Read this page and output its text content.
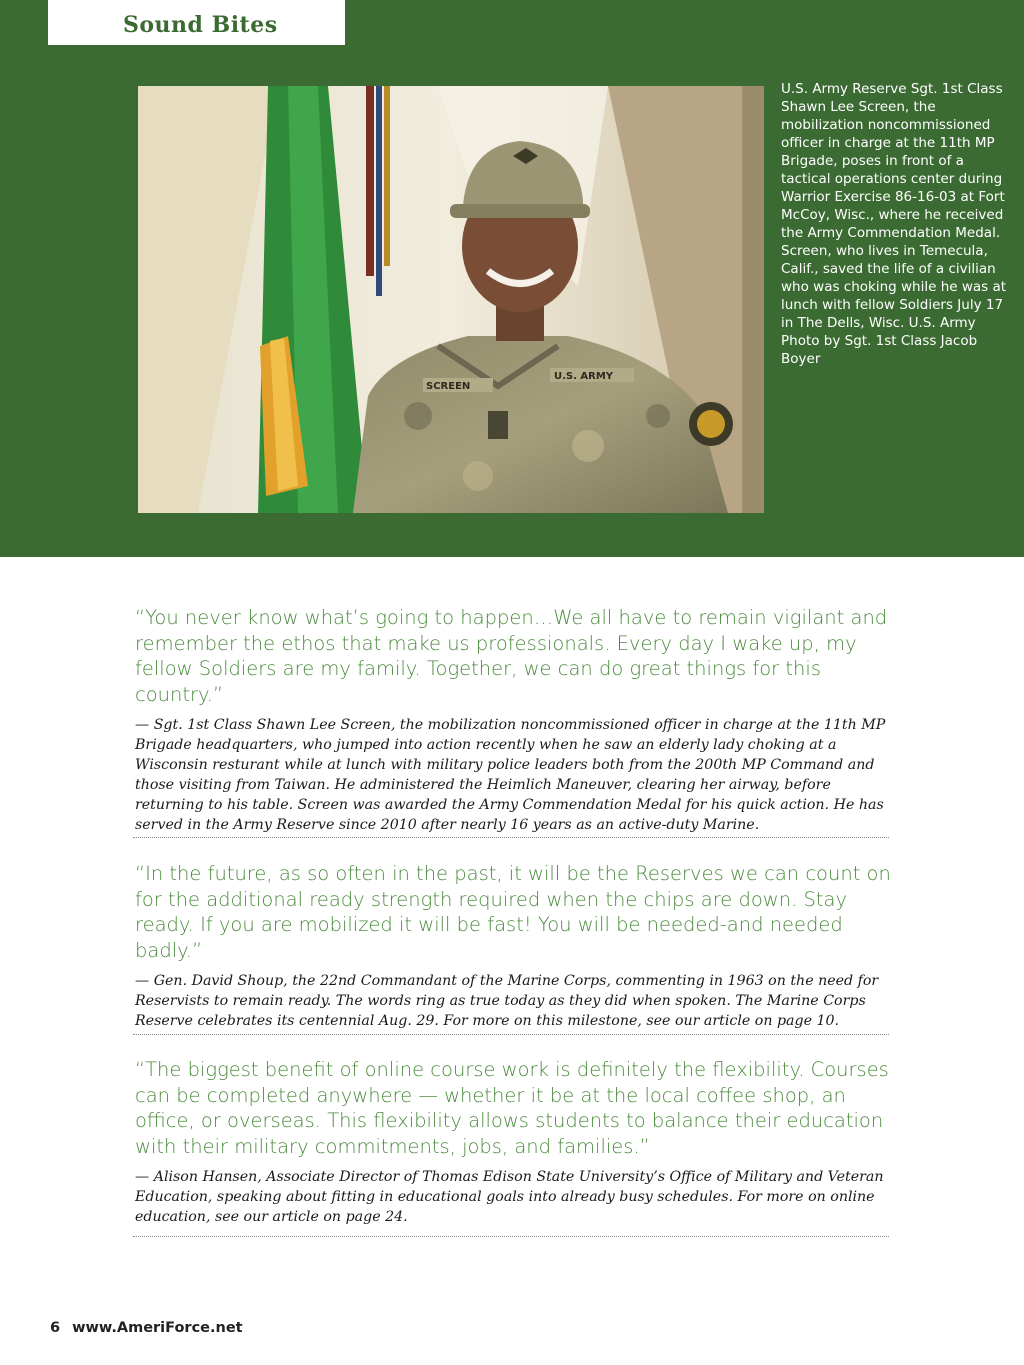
Sound Bites
SCREEN
U.S. ARMY
U.S. Army Reserve Sgt. 1st Class Shawn Lee Screen, the mobilization noncommissioned officer in charge at the 11th MP Brigade, poses in front of a tactical operations center during Warrior Exercise 86-16-03 at Fort McCoy, Wisc., where he received the Army Commendation Medal. Screen, who lives in Temecula, Calif., saved the life of a civilian who was choking while he was at lunch with fellow Soldiers July 17 in The Dells, Wisc. U.S. Army Photo by Sgt. 1st Class Jacob Boyer

“You never know what’s going to happen…We all have to remain vigilant and remember the ethos that make us professionals. Every day I wake up, my fellow Soldiers are my family. Together, we can do great things for this country.”

— Sgt. 1st Class Shawn Lee Screen, the mobilization noncommissioned officer in charge at the 11th MP Brigade headquarters, who jumped into action recently when he saw an elderly lady choking at a Wisconsin resturant while at lunch with military police leaders both from the 200th MP Command and those visiting from Taiwan. He administered the Heimlich Maneuver, clearing her airway, before returning to his table. Screen was awarded the Army Commendation Medal for his quick action. He has served in the Army Reserve since 2010 after nearly 16 years as an active-duty Marine.

“In the future, as so often in the past, it will be the Reserves we can count on for the additional ready strength required when the chips are down. Stay ready. If you are mobilized it will be fast! You will be needed-and needed badly.”

— Gen. David Shoup, the 22nd Commandant of the Marine Corps, commenting in 1963 on the need for Reservists to remain ready. The words ring as true today as they did when spoken. The Marine Corps Reserve celebrates its centennial Aug. 29. For more on this milestone, see our article on page 10.

“The biggest benefit of online course work is definitely the flexibility. Courses can be completed anywhere — whether it be at the local coffee shop, an office, or overseas. This flexibility allows students to balance their education with their military commitments, jobs, and families.”

— Alison Hansen, Associate Director of Thomas Edison State University’s Office of Military and Veteran Education, speaking about fitting in educational goals into already busy schedules. For more on online education, see our article on page 24.

6 www.AmeriForce.net
